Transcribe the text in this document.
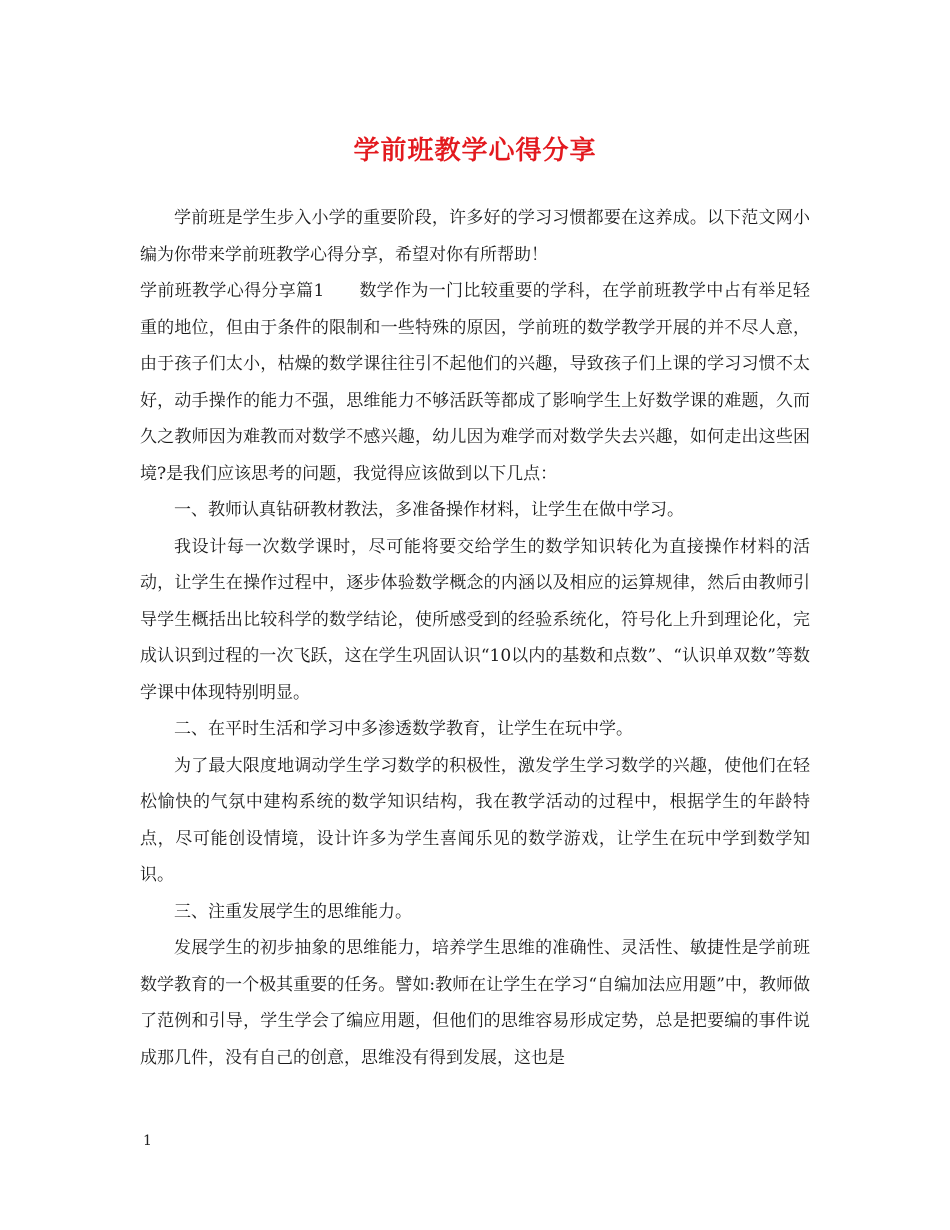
学前班教学心得分享

学前班是学生步入小学的重要阶段，许多好的学习习惯都要在这养成。以下范文网小编为你带来学前班教学心得分享，希望对你有所帮助！

学前班教学心得分享篇1　　数学作为一门比较重要的学科，在学前班教学中占有举足轻重的地位，但由于条件的限制和一些特殊的原因，学前班的数学教学开展的并不尽人意，由于孩子们太小，枯燥的数学课往往引不起他们的兴趣，导致孩子们上课的学习习惯不太好，动手操作的能力不强，思维能力不够活跃等都成了影响学生上好数学课的难题，久而久之教师因为难教而对数学不感兴趣，幼儿因为难学而对数学失去兴趣，如何走出这些困境?是我们应该思考的问题，我觉得应该做到以下几点：

一、教师认真钻研教材教法，多准备操作材料，让学生在做中学习。

我设计每一次数学课时，尽可能将要交给学生的数学知识转化为直接操作材料的活动，让学生在操作过程中，逐步体验数学概念的内涵以及相应的运算规律，然后由教师引导学生概括出比较科学的数学结论，使所感受到的经验系统化，符号化上升到理论化，完成认识到过程的一次飞跃，这在学生巩固认识“10以内的基数和点数”、“认识单双数”等数学课中体现特别明显。

二、在平时生活和学习中多渗透数学教育，让学生在玩中学。

为了最大限度地调动学生学习数学的积极性，激发学生学习数学的兴趣，使他们在轻松愉快的气氛中建构系统的数学知识结构，我在教学活动的过程中，根据学生的年龄特点，尽可能创设情境，设计许多为学生喜闻乐见的数学游戏，让学生在玩中学到数学知识。

三、注重发展学生的思维能力。

发展学生的初步抽象的思维能力，培养学生思维的准确性、灵活性、敏捷性是学前班数学教育的一个极其重要的任务。譬如:教师在让学生在学习“自编加法应用题”中，教师做了范例和引导，学生学会了编应用题，但他们的思维容易形成定势，总是把要编的事件说成那几件，没有自己的创意，思维没有得到发展，这也是

1
